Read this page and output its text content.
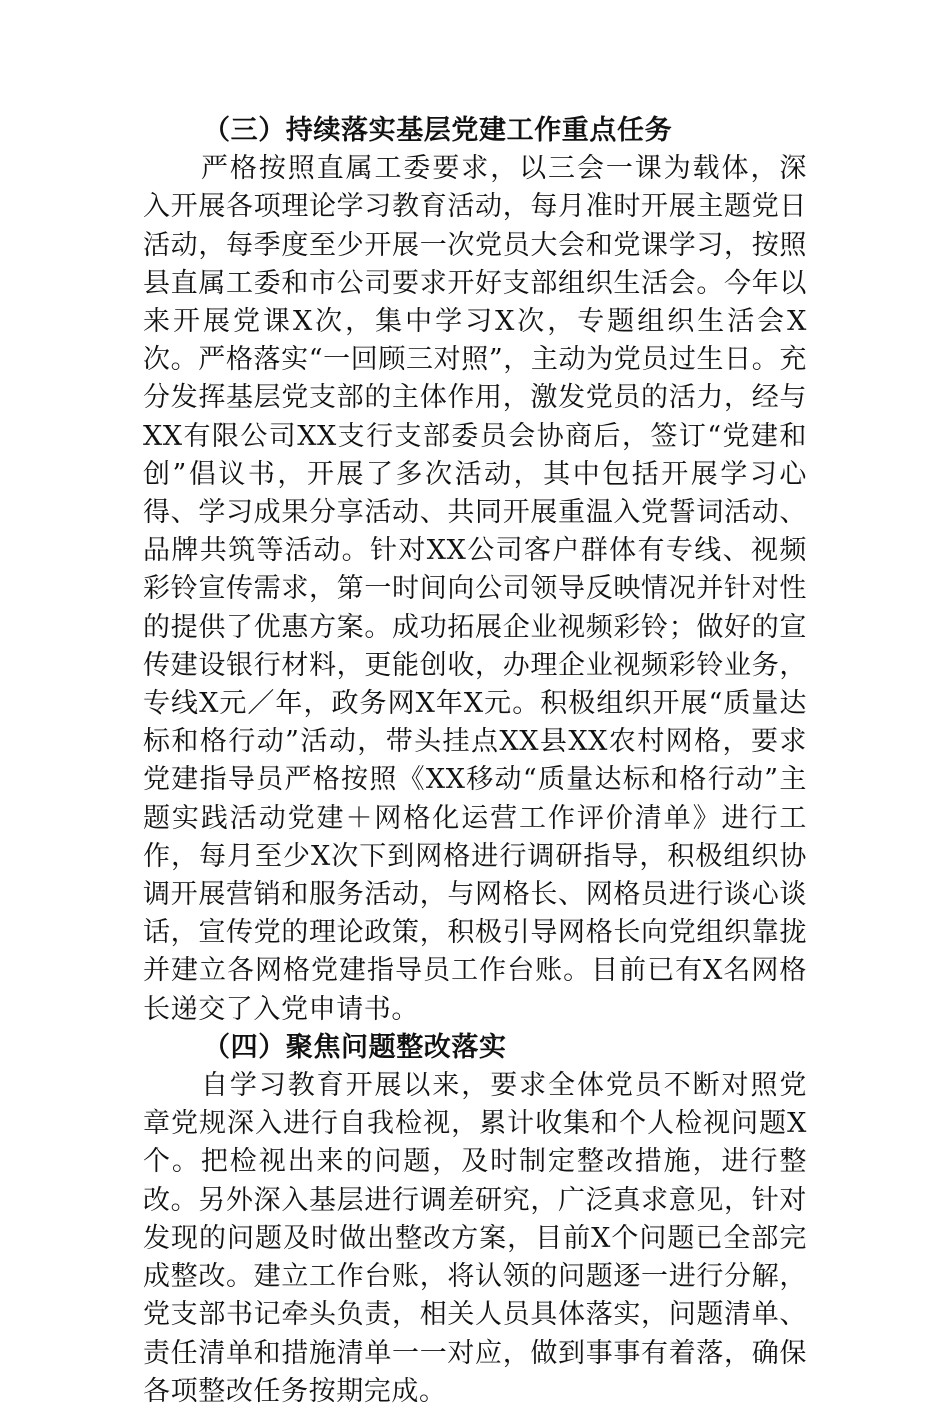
（三）持续落实基层党建工作重点任务

严格按照直属工委要求，以三会一课为载体，深入开展各项理论学习教育活动，每月准时开展主题党日活动，每季度至少开展一次党员大会和党课学习，按照县直属工委和市公司要求开好支部组织生活会。今年以来开展党课X次，集中学习X次，专题组织生活会X次。严格落实“一回顾三对照”，主动为党员过生日。充分发挥基层党支部的主体作用，激发党员的活力，经与XX有限公司XX支行支部委员会协商后，签订“党建和创”倡议书，开展了多次活动，其中包括开展学习心得、学习成果分享活动、共同开展重温入党誓词活动、品牌共筑等活动。针对XX公司客户群体有专线、视频彩铃宣传需求，第一时间向公司领导反映情况并针对性的提供了优惠方案。成功拓展企业视频彩铃；做好的宣传建设银行材料，更能创收，办理企业视频彩铃业务，专线X元／年，政务网X年X元。积极组织开展“质量达标和格行动”活动，带头挂点XX县XX农村网格，要求党建指导员严格按照《XX移动“质量达标和格行动”主题实践活动党建＋网格化运营工作评价清单》进行工作，每月至少X次下到网格进行调研指导，积极组织协调开展营销和服务活动，与网格长、网格员进行谈心谈话，宣传党的理论政策，积极引导网格长向党组织靠拢并建立各网格党建指导员工作台账。目前已有X名网格长递交了入党申请书。

（四）聚焦问题整改落实

自学习教育开展以来，要求全体党员不断对照党章党规深入进行自我检视，累计收集和个人检视问题X个。把检视出来的问题，及时制定整改措施，进行整改。另外深入基层进行调差研究，广泛真求意见，针对发现的问题及时做出整改方案，目前X个问题已全部完成整改。建立工作台账，将认领的问题逐一进行分解，党支部书记牵头负责，相关人员具体落实，问题清单、责任清单和措施清单一一对应，做到事事有着落，确保各项整改任务按期完成。
